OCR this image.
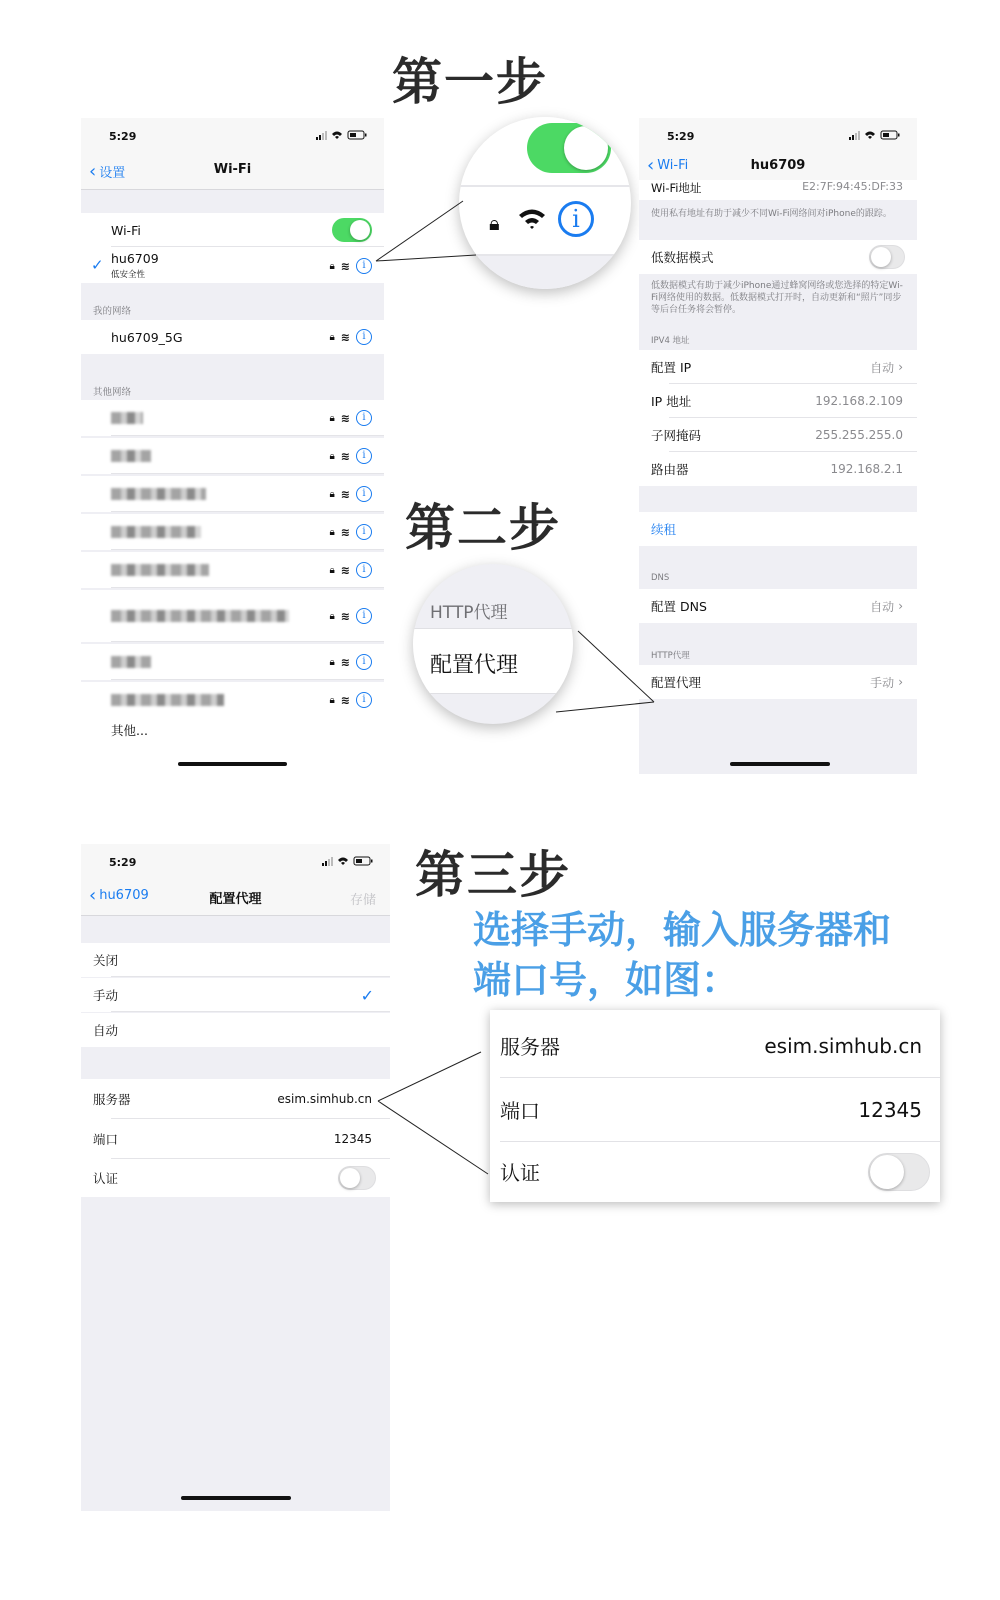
第一步
第二步
第三步
选择手动，输入服务器和
端口号，如图：
5:29
‹ 设置	Wi-Fi
Wi-Fi
✓ hu6709
低安全性
🔒︎ ≋	i
我的网络
hu6709_5G	🔒︎ ≋	i
其他网络
🔒︎ ≋	i
🔒︎ ≋	i
🔒︎ ≋	i
🔒︎ ≋	i
🔒︎ ≋	i
🔒︎ ≋	i
🔒︎ ≋	i
🔒︎ ≋	i
其他...
🔒︎	i
5:29
‹ Wi-Fi	hu6709
Wi-Fi地址	E2:7F:94:45:DF:33
使用私有地址有助于减少不同Wi-Fi网络间对iPhone的跟踪。
低数据模式
低数据模式有助于减少iPhone通过蜂窝网络或您选择的特定Wi-Fi网络使用的数据。低数据模式打开时，自动更新和“照片”同步等后台任务将会暂停。
IPV4 地址
配置 IP	自动 ›
IP 地址	192.168.2.109
子网掩码	255.255.255.0
路由器	192.168.2.1
续租
DNS
配置 DNS	自动 ›
HTTP代理
配置代理	手动 ›
HTTP代理
配置代理
5:29
‹ hu6709	配置代理	存储
关闭
手动	✓
自动
服务器	esim.simhub.cn
端口	12345
认证
服务器	esim.simhub.cn
端口	12345
认证
